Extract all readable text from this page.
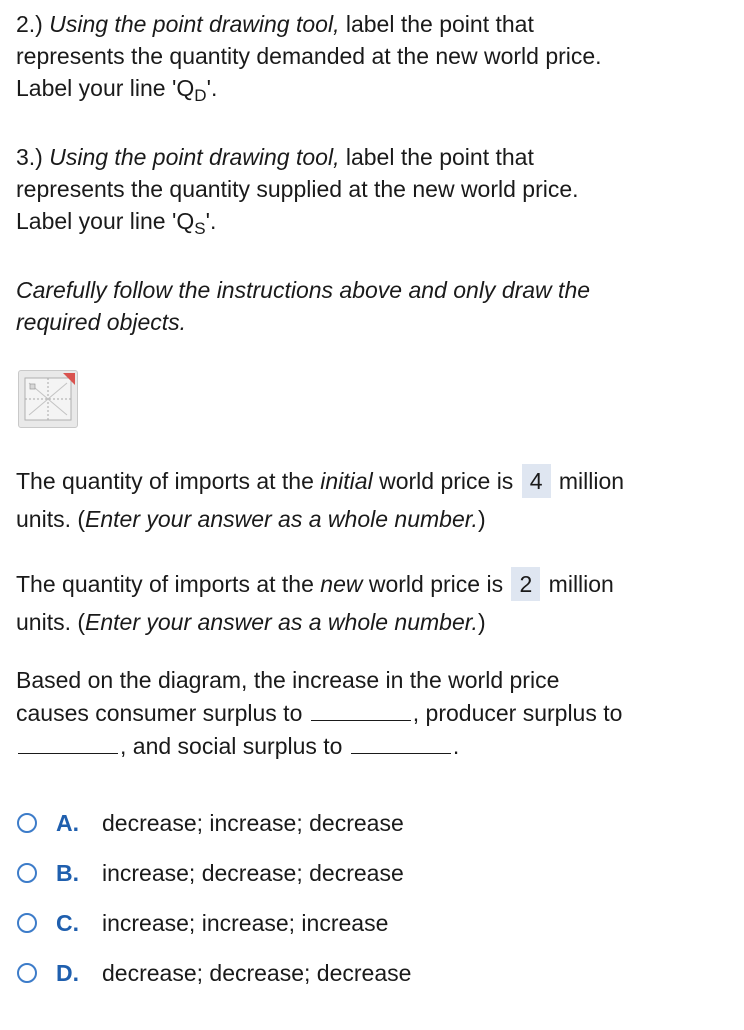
2.) Using the point drawing tool, label the point that
represents the quantity demanded at the new world price.
Label your line '$Q_D$'.
3.) Using the point drawing tool, label the point that
represents the quantity supplied at the new world price.
Label your line '$Q_S$'.
Carefully follow the instructions above and only draw the
required objects.
The quantity of imports at the initial world price is 4 million
units. (Enter your answer as a whole number.)
The quantity of imports at the new world price is 2 million
units. (Enter your answer as a whole number.)
Based on the diagram, the increase in the world price
causes consumer surplus to	, producer surplus to
, and social surplus to	.
A.	decrease; increase; decrease
B.	increase; decrease; decrease
C.	increase; increase; increase
D.	decrease; decrease; decrease
